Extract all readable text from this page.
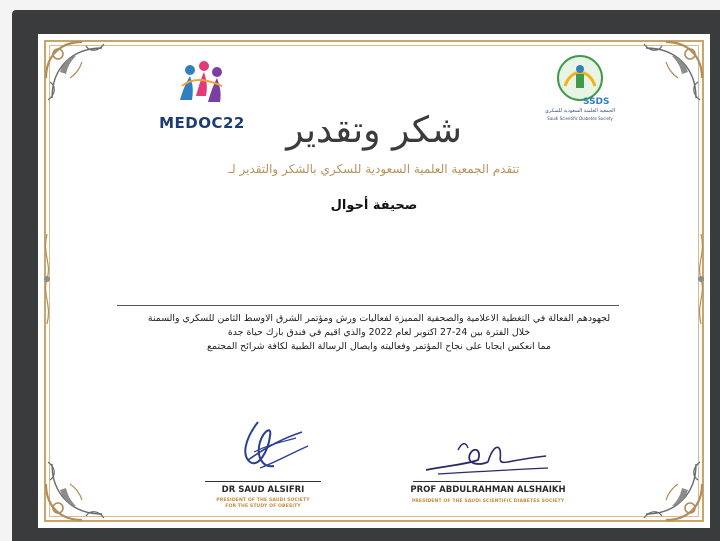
MEDOC22
SSDS
الجمعية العلمية السعودية للسكري
Saudi Scientific Diabetes Society
شكر وتقدير
تتقدم الجمعية العلمية السعودية للسكري بالشكر والتقدير لـ
صحيفة أحوال
لجهودهم الفعالة في التغطية الاعلامية والصحفية المميزة لفعاليات ورش ومؤتمر الشرق الاوسط الثامن للسكري والسمنة
خلال الفترة بين 24-27 اكتوبر لعام 2022 والذي اقيم في فندق بارك حياة جدة
مما انعكس ايجابا على نجاح المؤتمر وفعاليته وايصال الرسالة الطبية لكافة شرائح المجتمع
DR SAUD ALSIFRI
PRESIDENT OF THE SAUDI SOCIETY
FOR THE STUDY OF OBESITY
PROF ABDULRAHMAN ALSHAIKH
PRESIDENT OF THE SAUDI SCIENTIFIC DIABETES SOCIETY
